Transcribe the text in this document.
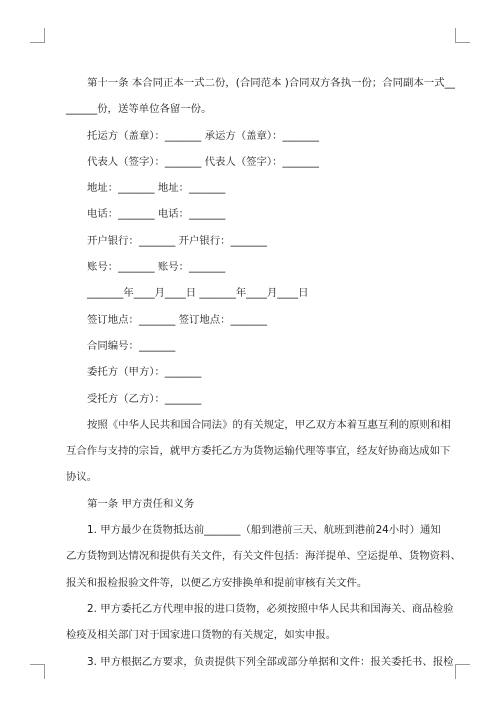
第十一条 本合同正本一式二份，(合同范本 )合同双方各执一份；合同副本一式__

______份，送等单位各留一份。

托运方（盖章）：_______ 承运方（盖章）：_______

代表人（签字）：_______ 代表人（签字）：_______

地址：_______ 地址：_______

电话：_______ 电话：_______

开户银行：_______ 开户银行：_______

账号：_______ 账号：_______

_______年____月____日 _______年____月____日

签订地点：_______ 签订地点：_______

合同编号：_______

委托方（甲方）：_______

受托方（乙方）：_______

按照《中华人民共和国合同法》的有关规定，甲乙双方本着互惠互利的原则和相

互合作与支持的宗旨，就甲方委托乙方为货物运输代理等事宜，经友好协商达成如下

协议。

第一条 甲方责任和义务

1. 甲方最少在货物抵达前_______（船到港前三天、航班到港前24小时）通知

乙方货物到达情况和提供有关文件，有关文件包括：海洋提单、空运提单、货物资料、

报关和报检报验文件等，以便乙方安排换单和提前审核有关文件。

2. 甲方委托乙方代理申报的进口货物，必须按照中华人民共和国海关、商品检验

检疫及相关部门对于国家进口货物的有关规定，如实申报。

3. 甲方根据乙方要求，负责提供下列全部或部分单据和文件：报关委托书、报检
